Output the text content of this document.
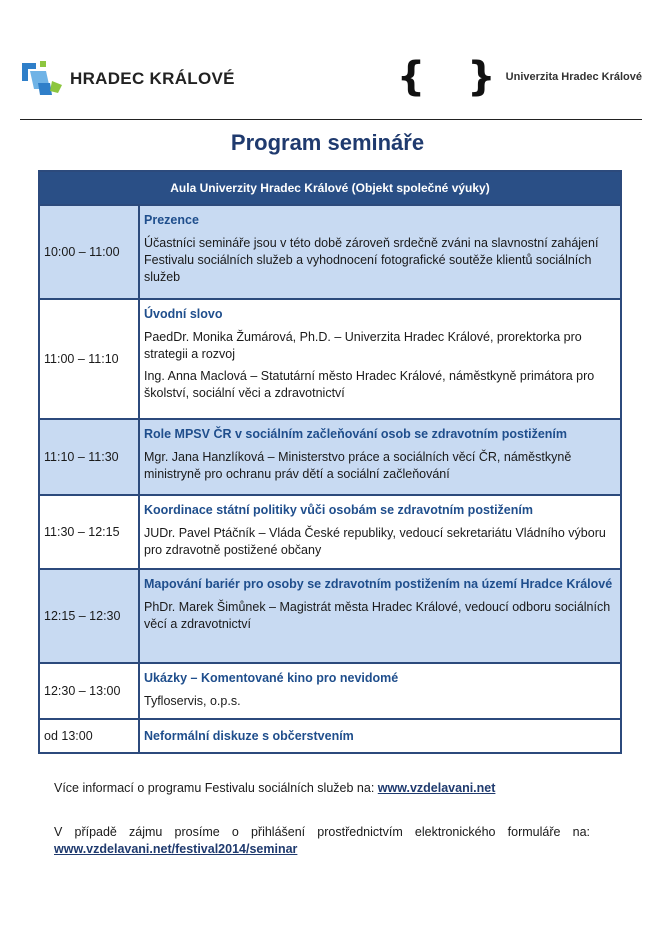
HRADEC KRÁLOVÉ	{ }
Univerzita Hradec Králové
Program semináře
Aula Univerzity Hradec Králové (Objekt společné výuky)	
10:00 – 11:00	Prezence
Účastníci semináře jsou v této době zároveň srdečně zváni na slavnostní zahájení Festivalu sociálních služeb a vyhodnocení fotografické soutěže klientů sociálních služeb

11:00 – 11:10	Úvodní slovo
PaedDr. Monika Žumárová, Ph.D. – Univerzita Hradec Králové, prorektorka pro strategii a rozvoj
Ing. Anna Maclová – Statutární město Hradec Králové, náměstkyně primátora pro školství, sociální věci a zdravotnictví

11:10 – 11:30	Role MPSV ČR v sociálním začleňování osob se zdravotním postižením
Mgr. Jana Hanzlíková – Ministerstvo práce a sociálních věcí ČR, náměstkyně ministryně pro ochranu práv dětí a sociální začleňování

11:30 – 12:15	Koordinace státní politiky vůči osobám se zdravotním postižením
JUDr. Pavel Ptáčník – Vláda České republiky, vedoucí sekretariátu Vládního výboru pro zdravotně postižené občany

12:15 – 12:30	Mapování bariér pro osoby se zdravotním postižením na území Hradce Králové
PhDr. Marek Šimůnek – Magistrát města Hradec Králové, vedoucí odboru sociálních věcí a zdravotnictví

12:30 – 13:00	Ukázky – Komentované kino pro nevidomé
Tyfloservis, o.p.s.

od 13:00	Neformální diskuze s občerstvením
Více informací o programu Festivalu sociálních služeb na: www.vzdelavani.net
V případě zájmu prosíme o přihlášení prostřednictvím elektronického formuláře na: www.vzdelavani.net/festival2014/seminar
